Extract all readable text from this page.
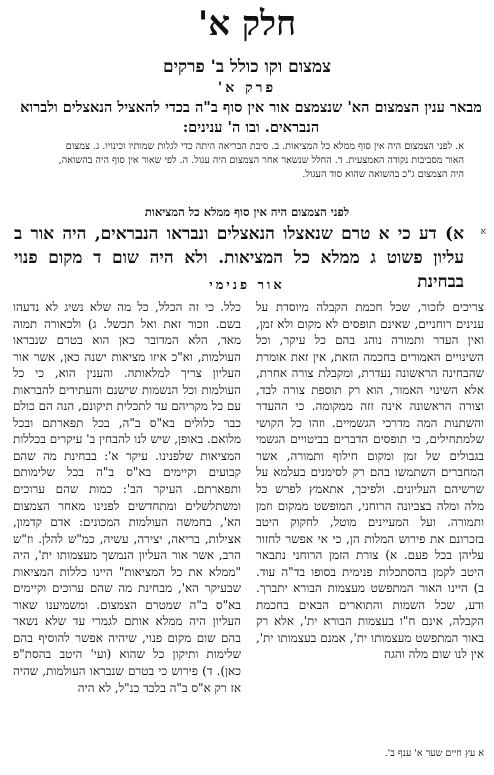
חלק א'
צמצום וקו כולל ב' פרקים
פרק א'
מבאר ענין הצמצום הא' שנצמצם אור אין סוף ב"ה בכדי להאציל הנאצלים ולברוא הנבראים. ובו ה' ענינים:
א. לפני הצמצום היה אין סוף ממלא כל המציאות. ב. סיבת הבריאה היתה כדי לגלות שמותיו וכינויו. ג. צמצום האור מסביבות נקודה האמצעית. ד. החלל שנשאר אחר הצמצום היה עגול. ה. לפי שאור אין סוף היה בהשואה, היה הצמצום ג"כ בהשואה שהוא סוד העגול.
לפני הצמצום היה אין סוף ממלא כל המציאות
א
א) דע כי א טרם שנאצלו הנאצלים ונבראו הנבראים, היה אור ב עליון פשוט ג ממלא כל המציאות. ולא היה שום ד מקום פנוי בבחינת
אור פנימי
צריכים לזכור, שכל חכמת הקבלה מיוסדת על ענינים רוחניים, שאינם תופסים לא מקום ולא זמן, ואין העדר ותמורה נוהג בהם כל עיקר, וכל השינויים האמורים בחכמה הזאת, אין זאת אומרת שהבחינה הראשונה נעדרת, ומקבלת צורה אחרת, אלא השינוי האמור, הוא רק תוספת צורה לבד, וצורה הראשונה אינה זזה ממקומה. כי ההעדר והשתנות המה מדרכי הגשמיים. וזהו כל הקושי שלמתחילים, כי תופסים הדברים בביטויים הגשמי בגבולים של זמן ומקום חילוף ותמורה, אשר המחברים השתמשו בהם רק לסימנים בעלמא על שרשיהם העליונים. ולפיכך, אתאמץ לפרש כל מלה ומלה בצביונה הרוחני, המופשט ממקום וזמן ותמורה. ועל המעיינים מוטל, לחקוק היטב בזכרונם את פירוש המלות הן, כי אי אפשר לחזור עליהן בכל פעם. א) צורת הזמן הרוחני נתבאר היטב לקמן בהסתכלות פנימית בסופו בד"ה עוד. ב) היינו האור המתפשט מעצמות הבורא יתברך. ודע, שכל השמות והתוארים הבאים בחכמת הקבלה, אינם ח"ו בעצמות הבורא ית', אלא רק באור המתפשט מעצמותו ית', אמנם בעצמותו ית', אין לנו שום מלה והגה
כלל. כי זה הכלל, כל מה שלא נשיג לא נדעהו בשם. וזכור זאת ואל תכשל. ג) ולכאורה תמוה מאד, הלא המדובר כאן הוא בטרם שנבראו העולמות, וא"כ איזו מציאות ישנה כאן, אשר אור העליון צריך למלאותה. והענין הוא, כי כל העולמות וכל הנשמות שישנם והעתידים להבראות עם כל מקריהם עד לתכלית תיקונם, הנה הם כולם כבר כלולים בא"ס ב"ה, בכל תפארתם ובכל מלואם. באופן, שיש לנו להבחין ב' עיקרים בכללות המציאות שלפנינו. עיקר א': בבחינת מה שהם קבועים וקיימים בא"ס ב"ה בכל שלימותם ותפארתם. העיקר הב': כמות שהם ערוכים ומשתלשלים ומתחדשים לפנינו מאחר הצמצום הא', בחמשה העולמות המכונים: אדם קדמון, אצילות, בריאה, יצירה, עשיה, כמ"ש להלן. וז"ש הרב, אשר אור העליון הנמשך מעצמותו ית', היה "ממלא את כל המציאות" היינו כללות המציאות שבעיקר הא', מבחינת מה שהם ערוכים וקיימים בא"ס ב"ה שמטרם הצמצום. ומשמיענו שאור העליון היה ממלא אותם לגמרי עד שלא נשאר בהם שום מקום פנוי, שיהיה אפשר להוסיף בהם שלימות ותיקון כל שהוא (ועי' היטב בהסת"פ כאן). ד) פירוש כי בטרם שנבראו העולמות, שהיה אז רק א"ס ב"ה בלבד כנ"ל, לא היה
א עץ חיים שער א' ענף ב'.
